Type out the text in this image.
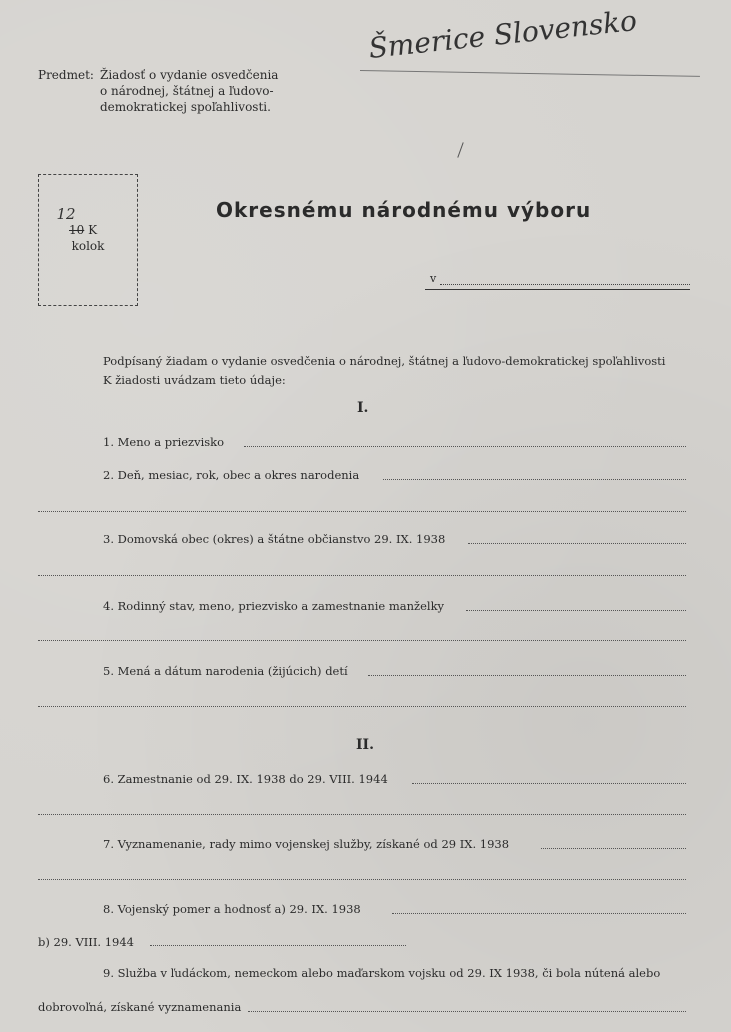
Predmet: Žiadosť o vydanie osvedčenia
o národnej, štátnej a ľudovo-
demokratickej spoľahlivosti.
Šmerice Slovensko
12
10 K
kolok
Okresnému národnému výboru
v
Podpísaný žiadam o vydanie osvedčenia o národnej, štátnej a ľudovo-demokratickej spoľahlivosti
K žiadosti uvádzam tieto údaje:
I.
1. Meno a priezvisko
2. Deň, mesiac, rok, obec a okres narodenia
3. Domovská obec (okres) a štátne občianstvo 29. IX. 1938
4. Rodinný stav, meno, priezvisko a zamestnanie manželky
5. Mená a dátum narodenia (žijúcich) detí
II.
6. Zamestnanie od 29. IX. 1938 do 29. VIII. 1944
7. Vyznamenanie, rady mimo vojenskej služby, získané od 29 IX. 1938
8. Vojenský pomer a hodnosť a) 29. IX. 1938
b) 29. VIII. 1944
9. Služba v ľudáckom, nemeckom alebo maďarskom vojsku od 29. IX 1938, či bola nútená alebo
dobrovoľná, získané vyznamenania
